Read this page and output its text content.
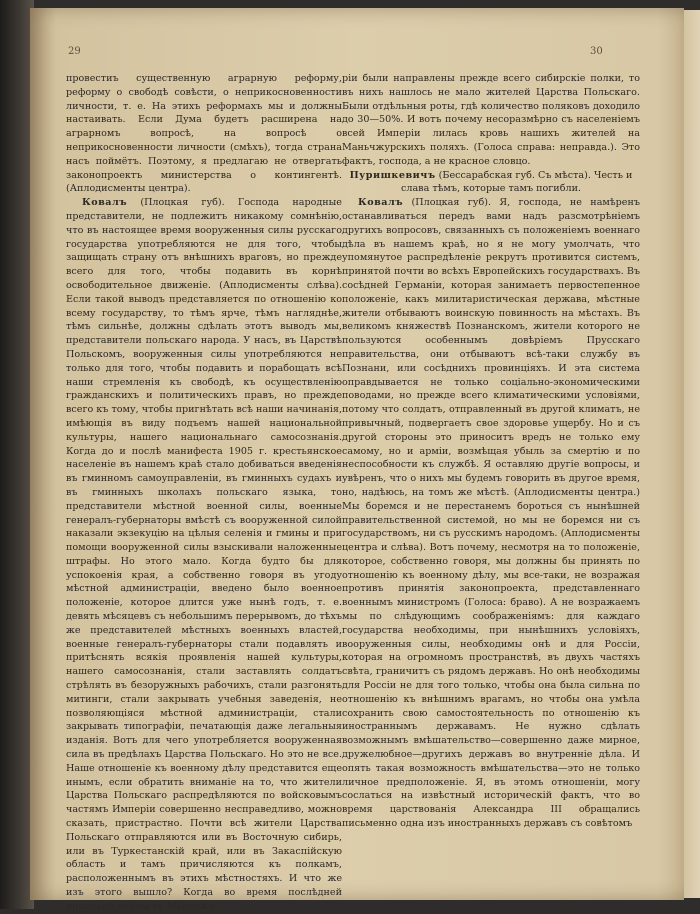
29	30

провестиъ существенную аграрную реформу, реформу о свободѣ совѣсти, о неприкосновенности личности, т. е. На этихъ реформахъ мы и должны настаивать. Если Дума будетъ расширена на аграрномъ вопросѣ, на вопросѣ о неприкосновенности личности (смѣхъ), тогда страна насъ поймётъ. Поэтому, я предлагаю не отвергать законопроектъ министерства о контингентѣ. (Аплодисменты центра).

Ковалъ (Плоцкая губ). Господа народные представители, не подлежитъ никакому сомнѣнію, что въ настоящее время вооруженныя силы русскаго государства употребляются не для того, чтобы защищать страну отъ внѣшнихъ враговъ, но прежде всего для того, чтобы подавить въ корнѣ освободительное движеніе. (Аплодисменты слѣва). Если такой выводъ представляется по отношенію ко всему государству, то тѣмъ ярче, тѣмъ нагляднѣе, тѣмъ сильнѣе, должны сдѣлать этотъ выводъ мы, представители польскаго народа. У насъ, въ Царствѣ Польскомъ, вооруженныя силы употребляются не только для того, чтобы подавить и порабощать всѣ наши стремленія къ свободѣ, къ осуществленію гражданскихъ и политическихъ правъ, но прежде всего къ тому, чтобы пригнѣтать всѣ наши начинанія, имѣющія въ виду подъемъ нашей национальной культуры, нашего национальнаго самосознанія. Когда до и послѣ манифеста 1905 г. крестьянское населеніе въ нашемъ краѣ стало добиваться введенія въ гминномъ самоуправленіи, въ гминныхъ судахъ и въ гминныхъ школахъ польскаго языка, то представители мѣстной военной силы, военные генералъ-губернаторы вмѣстѣ съ вооруженной силой наказали экзекуцію на цѣлыя селенія и гмины и при помощи вооруженной силы взыскивали наложенные штрафы. Но этого мало. Когда будто бы для успокоенія края, а собственно говоря въ угоду мѣстной администраціи, введено было военное положеніе, которое длится уже нынѣ годъ, т. е. девять мѣсяцевъ съ небольшимъ перерывомъ, до тѣхъ же представителей мѣстныхъ военныхъ властей, военные генералъ-губернаторы стали подавлять и притѣснять всякія проявленія нашей культуры, нашего самосознанія, стали заставлять солдатъ стрѣлять въ безоружныхъ рабочихъ, стали разгонять митинги, стали закрывать учебныя заведенія, не позволяющіяся мѣстной администраціи, стали закрывать типографіи, печатающія даже легальныя изданія. Вотъ для чего употребляется вооруженная сила въ предѣлахъ Царства Польскаго. Но это не все. Наше отношеніе къ военному дѣлу представится еще инымъ, если обратить вниманіе на то, что жители Царства Польскаго распредѣляются по войсковымъ частямъ Имперіи совершенно несправедливо, можно сказать, пристрастно. Почти всѣ жители Царства Польскаго отправляются или въ Восточную сибирь, или въ Туркестанскій край, или въ Закаспійскую область и тамъ причисляются къ полкамъ, расположеннымъ въ этихъ мѣстностяхъ. И что же изъ этого вышло? Когда во время послѣдней японской войны въ Маньчжу-

ріи были направлены прежде всего сибирскіе полки, то въ нихъ нашлось не мало жителей Царства Польскаго. Были отдѣльныя роты, гдѣ количество поляковъ доходило до 30—50%. И вотъ почему несоразмѣрно съ населеніемъ всей Имперіи лилась кровь нашихъ жителей на Маньчжурскихъ поляхъ. (Голоса справа: неправда.). Это фактъ, господа, а не красное словцо.

Пуришкевичъ (Бессарабская губ. Съ мѣста). Честь и слава тѣмъ, которые тамъ погибли.

Ковалъ (Плоцкая губ). Я, господа, не намѣренъ останавливаться передъ вами надъ разсмотрѣніемъ другихъ вопросовъ, связанныхъ съ положеніемъ военнаго дѣла въ нашемъ краѣ, но я не могу умолчать, что упомянутое распредѣленіе рекрутъ противится системъ, принятой почти во всѣхъ Европейскихъ государствахъ. Въ сосѣдней Германіи, которая занимаетъ первостепенное положеніе, какъ милитаристическая держава, мѣстные жители отбываютъ воинскую повинность на мѣстахъ. Въ великомъ княжествѣ Познанскомъ, жители которого не пользуются особеннымъ довѣріемъ Прусскаго правительства, они отбываютъ всѣ-таки службу въ Познани, или сосѣднихъ провинціяхъ. И эта система оправдывается не только соціально-экономическими поводами, но прежде всего климатическими условіями, потому что солдатъ, отправленный въ другой климатъ, не привычный, подвергаетъ свое здоровье ущербу. Но и съ другой стороны это приноситъ вредъ не только ему самому, но и арміи, возмѣщая убыль за смертію и по неспособности къ службѣ. Я оставляю другіе вопросы, и увѣренъ, что о нихъ мы будемъ говорить въ другое время, но, надѣюсь, на томъ же мѣстѣ. (Аплодисменты центра.) Мы боремся и не перестанемъ бороться съ нынѣшней правительственной системой, но мы не боремся ни съ государствомъ, ни съ русскимъ народомъ. (Аплодисменты центра и слѣва). Вотъ почему, несмотря на то положеніе, которое, собственно говоря, мы должны бы принять по отношенію къ военному дѣлу, мы все-таки, не возражая противъ принятія законопроекта, представленнаго военнымъ министромъ (Голоса: браво). А не возражаемъ мы по слѣдующимъ соображеніямъ: для каждаго государства необходимы, при нынѣшнихъ условіяхъ, вооруженныя силы, необходимы онѣ и для Россіи, которая на огромномъ пространствѣ, въ двухъ частяхъ свѣта, граничитъ съ рядомъ державъ. Но онѣ необходимы для Россіи не для того только, чтобы она была сильна по отношенію къ внѣшнимъ врагамъ, но чтобы она умѣла сохранить свою самостоятельность по отношенію къ иностраннымъ державамъ. Не нужно сдѣлать возможнымъ вмѣшательство—совершенно даже мирное, дружелюбное—другихъ державъ во внутренніе дѣла. И опять такая возможность вмѣшательства—это не только личное предположеніе. Я, въ этомъ отношеніи, могу сослаться на извѣстный историческій фактъ, что во время царствованія Александра III обращались письменно одна изъ иностранныхъ державъ съ совѣтомъ
